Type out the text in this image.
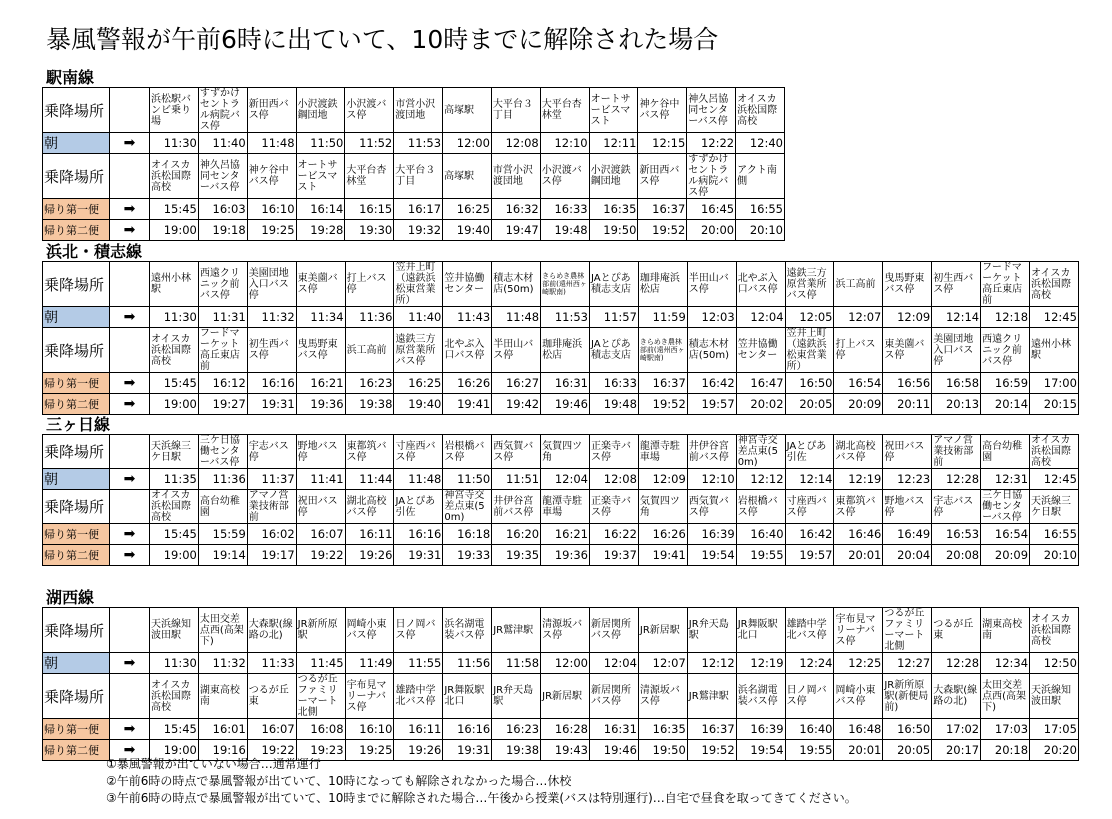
暴風警報が午前6時に出ていて、10時までに解除された場合
駅南線
乗降場所		浜松駅バンビ乗り場	すずかけセントラル病院バス停	新田西バス停	小沢渡鉄鋼団地	小沢渡バス停	市営小沢渡団地	高塚駅	大平台３丁目	大平台杏林堂	オートサービスマスト	神ケ谷中バス停	神久呂協同センターバス停	オイスカ浜松国際高校
朝	➡	11:30	11:40	11:48	11:50	11:52	11:53	12:00	12:08	12:10	12:11	12:15	12:22	12:40
乗降場所		オイスカ浜松国際高校	神久呂協同センターバス停	神ケ谷中バス停	オートサービスマスト	大平台杏林堂	大平台３丁目	高塚駅	市営小沢渡団地	小沢渡バス停	小沢渡鉄鋼団地	新田西バス停	すずかけセントラル病院バス停	アクト南側
帰り第一便	➡	15:45	16:03	16:10	16:14	16:15	16:17	16:25	16:32	16:33	16:35	16:37	16:45	16:55
帰り第二便	➡	19:00	19:18	19:25	19:28	19:30	19:32	19:40	19:47	19:48	19:50	19:52	20:00	20:10
浜北・積志線
乗降場所		遠州小林駅	西遠クリニック前バス停	美園団地入口バス停	東美薗バス停	打上バス停	笠井上町（遠鉄浜松東営業所）	笠井協働センター	積志木材店(50m)	きらめき農林部前(遠州西ヶ崎駅南)	JAとぴあ積志支店	珈琲庵浜松店	半田山バス停	北やぶ入口バス停	遠鉄三方原営業所バス停	浜工高前	曳馬野東バス停	初生西バス停	フードマーケット高丘東店前	オイスカ浜松国際高校
朝	➡	11:30	11:31	11:32	11:34	11:36	11:40	11:43	11:48	11:53	11:57	11:59	12:03	12:04	12:05	12:07	12:09	12:14	12:18	12:45
乗降場所		オイスカ浜松国際高校	フードマーケット高丘東店前	初生西バス停	曳馬野東バス停	浜工高前	遠鉄三方原営業所バス停	北やぶ入口バス停	半田山バス停	珈琲庵浜松店	JAとぴあ積志支店	きらめき農林部前(遠州西ヶ崎駅南)	積志木材店(50m)	笠井協働センター	笠井上町（遠鉄浜松東営業所）	打上バス停	東美薗バス停	美園団地入口バス停	西遠クリニック前バス停	遠州小林駅
帰り第一便	➡	15:45	16:12	16:16	16:21	16:23	16:25	16:26	16:27	16:31	16:33	16:37	16:42	16:47	16:50	16:54	16:56	16:58	16:59	17:00
帰り第二便	➡	19:00	19:27	19:31	19:36	19:38	19:40	19:41	19:42	19:46	19:48	19:52	19:57	20:02	20:05	20:09	20:11	20:13	20:14	20:15
三ヶ日線
乗降場所		天浜線三ケ日駅	三ケ日協働センターバス停	宇志バス停	野地バス停	東都筑バス停	寸座西バス停	岩根橋バス停	西気賀バス停	気賀四ツ角	正楽寺バス停	龍潭寺駐車場	井伊谷宮前バス停	神宮寺交差点東(50m)	JAとぴあ引佐	湖北高校バス停	祝田バス停	アマノ営業技術部前	高台幼稚園	オイスカ浜松国際高校
朝	➡	11:35	11:36	11:37	11:41	11:44	11:48	11:50	11:51	12:04	12:08	12:09	12:10	12:12	12:14	12:19	12:23	12:28	12:31	12:45
乗降場所		オイスカ浜松国際高校	高台幼稚園	アマノ営業技術部前	祝田バス停	湖北高校バス停	JAとぴあ引佐	神宮寺交差点東(50m)	井伊谷宮前バス停	龍潭寺駐車場	正楽寺バス停	気賀四ツ角	西気賀バス停	岩根橋バス停	寸座西バス停	東都筑バス停	野地バス停	宇志バス停	三ケ日協働センターバス停	天浜線三ケ日駅
帰り第一便	➡	15:45	15:59	16:02	16:07	16:11	16:16	16:18	16:20	16:21	16:22	16:26	16:39	16:40	16:42	16:46	16:49	16:53	16:54	16:55
帰り第二便	➡	19:00	19:14	19:17	19:22	19:26	19:31	19:33	19:35	19:36	19:37	19:41	19:54	19:55	19:57	20:01	20:04	20:08	20:09	20:10
湖西線
乗降場所		天浜線知波田駅	太田交差点西(高架下)	大森駅(線路の北)	JR新所原駅	岡崎小東バス停	日ノ岡バス停	浜名湖電装バス停	JR鷲津駅	清源坂バス停	新居関所バス停	JR新居駅	JR弁天島駅	JR舞阪駅北口	雄踏中学北バス停	宇布見マリーナバス停	つるが丘ファミリーマート北側	つるが丘東	湖東高校南	オイスカ浜松国際高校
朝	➡	11:30	11:32	11:33	11:45	11:49	11:55	11:56	11:58	12:00	12:04	12:07	12:12	12:19	12:24	12:25	12:27	12:28	12:34	12:50
乗降場所		オイスカ浜松国際高校	湖東高校南	つるが丘東	つるが丘ファミリーマート北側	宇布見マリーナバス停	雄踏中学北バス停	JR舞阪駅北口	JR弁天島駅	JR新居駅	新居関所バス停	清源坂バス停	JR鷲津駅	浜名湖電装バス停	日ノ岡バス停	岡崎小東バス停	JR新所原駅(新便局前)	大森駅(線路の北)	太田交差点西(高架下)	天浜線知波田駅
帰り第一便	➡	15:45	16:01	16:07	16:08	16:10	16:11	16:16	16:23	16:28	16:31	16:35	16:37	16:39	16:40	16:48	16:50	17:02	17:03	17:05
帰り第二便	➡	19:00	19:16	19:22	19:23	19:25	19:26	19:31	19:38	19:43	19:46	19:50	19:52	19:54	19:55	20:01	20:05	20:17	20:18	20:20
①暴風警報が出ていない場合…通常運行
②午前6時の時点で暴風警報が出ていて、10時になっても解除されなかった場合…休校
③午前6時の時点で暴風警報が出ていて、10時までに解除された場合…午後から授業(バスは特別運行)…自宅で昼食を取ってきてください。
